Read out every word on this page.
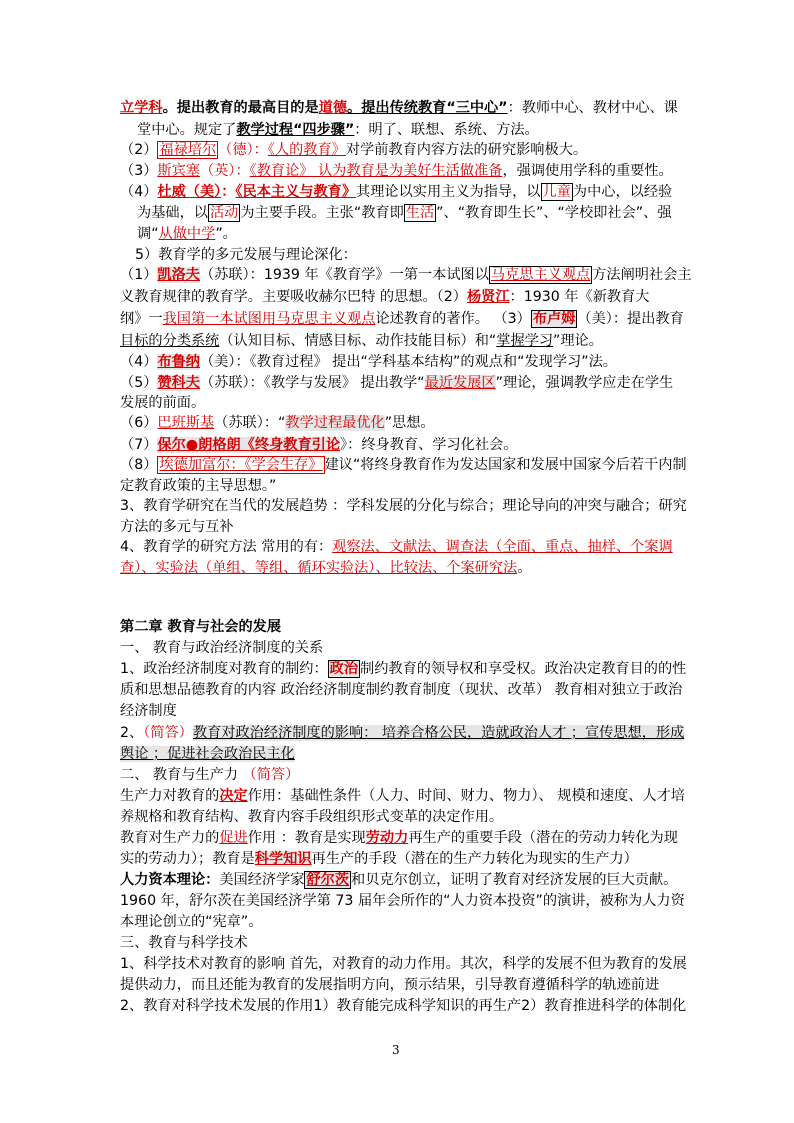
立学科。提出教育的最高目的是道德。提出传统教育“三中心”：教师中心、教材中心、课
堂中心。规定了教学过程“四步骤”：明了、联想、系统、方法。
（2） 福禄培尔 （德）：《人的教育》对学前教育内容方法的研究影响极大。
（3）斯宾塞（英）：《教育论》 认为教育是为美好生活做准备，强调使用学科的重要性。
（4）杜威（美）：《民本主义与教育》其理论以实用主义为指导，以 儿童 为中心，以经验
为基础，以 活动 为主要手段。主张“教育即 生活 ”、“教育即生长”、“学校即社会”、强
调“从做中学”。
5）教育学的多元发展与理论深化：
（1）凯洛夫（苏联）：1939 年《教育学》一第一本试图以 马克思主义观点 方法阐明社会主
义教育规律的教育学。主要吸收赫尔巴特 的思想。（2）杨贤江：1930 年《新教育大
纲》一我国第一本试图用马克思主义观点论述教育的著作。 （3） 布卢姆 （美）：提出教育
目标的分类系统（认知目标、情感目标、动作技能目标）和“掌握学习”理论。
（4）布鲁纳（美）：《教育过程》 提出“学科基本结构”的观点和“发现学习”法。
（5）赞科夫（苏联）：《教学与发展》 提出教学“最近发展区”理论，强调教学应走在学生
发展的前面。
（6）巴班斯基（苏联）：“教学过程最优化”思想。
（7）保尔●朗格朗《终身教育引论》：终身教育、学习化社会。
（8） 埃德加富尔：《学会生存》 建议“将终身教育作为发达国家和发展中国家今后若干内制
定教育政策的主导思想。”
3、教育学研究在当代的发展趋势 ：学科发展的分化与综合；理论导向的冲突与融合；研究
方法的多元与互补
4、教育学的研究方法 常用的有：观察法、文献法、调查法（全面、重点、抽样、个案调
查）、实验法（单组、等组、循环实验法）、比较法、个案研究法。
第二章 教育与社会的发展
一、 教育与政治经济制度的关系
1、政治经济制度对教育的制约： 政治 制约教育的领导权和享受权。政治决定教育目的的性
质和思想品德教育的内容 政治经济制度制约教育制度（现状、改革） 教育相对独立于政治
经济制度
2、（简答）教育对政治经济制度的影响： 培养合格公民，造就政治人才 ；宣传思想，形成
舆论 ；促进社会政治民主化
二、 教育与生产力 （简答）
生产力对教育的决定作用：基础性条件（人力、时间、财力、物力）、 规模和速度、人才培
养规格和教育结构、教育内容手段组织形式变革的决定作用。
教育对生产力的促进作用 ：教育是实现劳动力再生产的重要手段（潜在的劳动力转化为现
实的劳动力）；教育是科学知识再生产的手段（潜在的生产力转化为现实的生产力）
人力资本理论：美国经济学家 舒尔茨 和贝克尔创立，证明了教育对经济发展的巨大贡献。
1960 年，舒尔茨在美国经济学第 73 届年会所作的“人力资本投资”的演讲，被称为人力资
本理论创立的“宪章”。
三、教育与科学技术
1、科学技术对教育的影响 首先，对教育的动力作用。其次，科学的发展不但为教育的发展
提供动力，而且还能为教育的发展指明方向，预示结果，引导教育遵循科学的轨迹前进
2、教育对科学技术发展的作用1）教育能完成科学知识的再生产2）教育推进科学的体制化
3
